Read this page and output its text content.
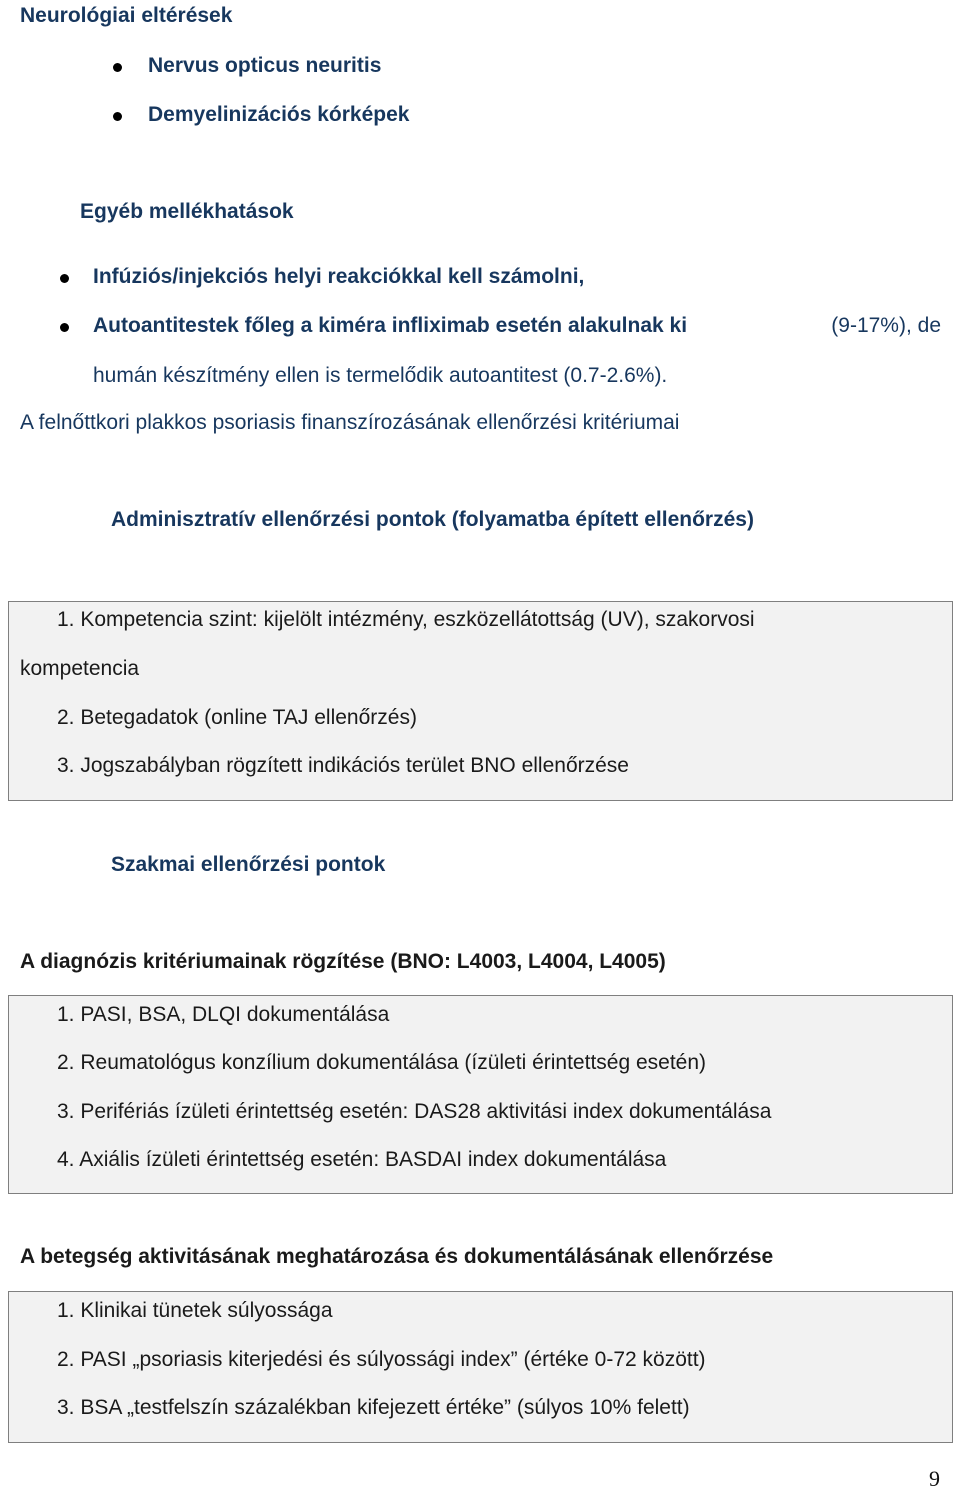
Neurológiai eltérések
Nervus opticus neuritis
Demyelinizációs kórképek
Egyéb mellékhatások
Infúziós/injekciós helyi reakciókkal kell számolni,
Autoantitestek főleg a kiméra infliximab esetén alakulnak ki	(9-17%), de
humán készítmény ellen is termelődik autoantitest (0.7-2.6%).
A felnőttkori plakkos psoriasis finanszírozásának ellenőrzési kritériumai
Adminisztratív ellenőrzési pontok (folyamatba épített ellenőrzés)
1. Kompetencia szint: kijelölt intézmény, eszközellátottság (UV), szakorvosi
kompetencia
2. Betegadatok (online TAJ ellenőrzés)
3. Jogszabályban rögzített indikációs terület BNO ellenőrzése
Szakmai ellenőrzési pontok
A diagnózis kritériumainak rögzítése (BNO: L4003, L4004, L4005)
1. PASI, BSA, DLQI dokumentálása
2. Reumatológus konzílium dokumentálása (ízületi érintettség esetén)
3. Perifériás ízületi érintettség esetén: DAS28 aktivitási index dokumentálása
4. Axiális ízületi érintettség esetén: BASDAI index dokumentálása
A betegség aktivitásának meghatározása és dokumentálásának ellenőrzése
1. Klinikai tünetek súlyossága
2. PASI „psoriasis kiterjedési és súlyossági index” (értéke 0-72 között)
3. BSA „testfelszín százalékban kifejezett értéke” (súlyos 10% felett)
9
